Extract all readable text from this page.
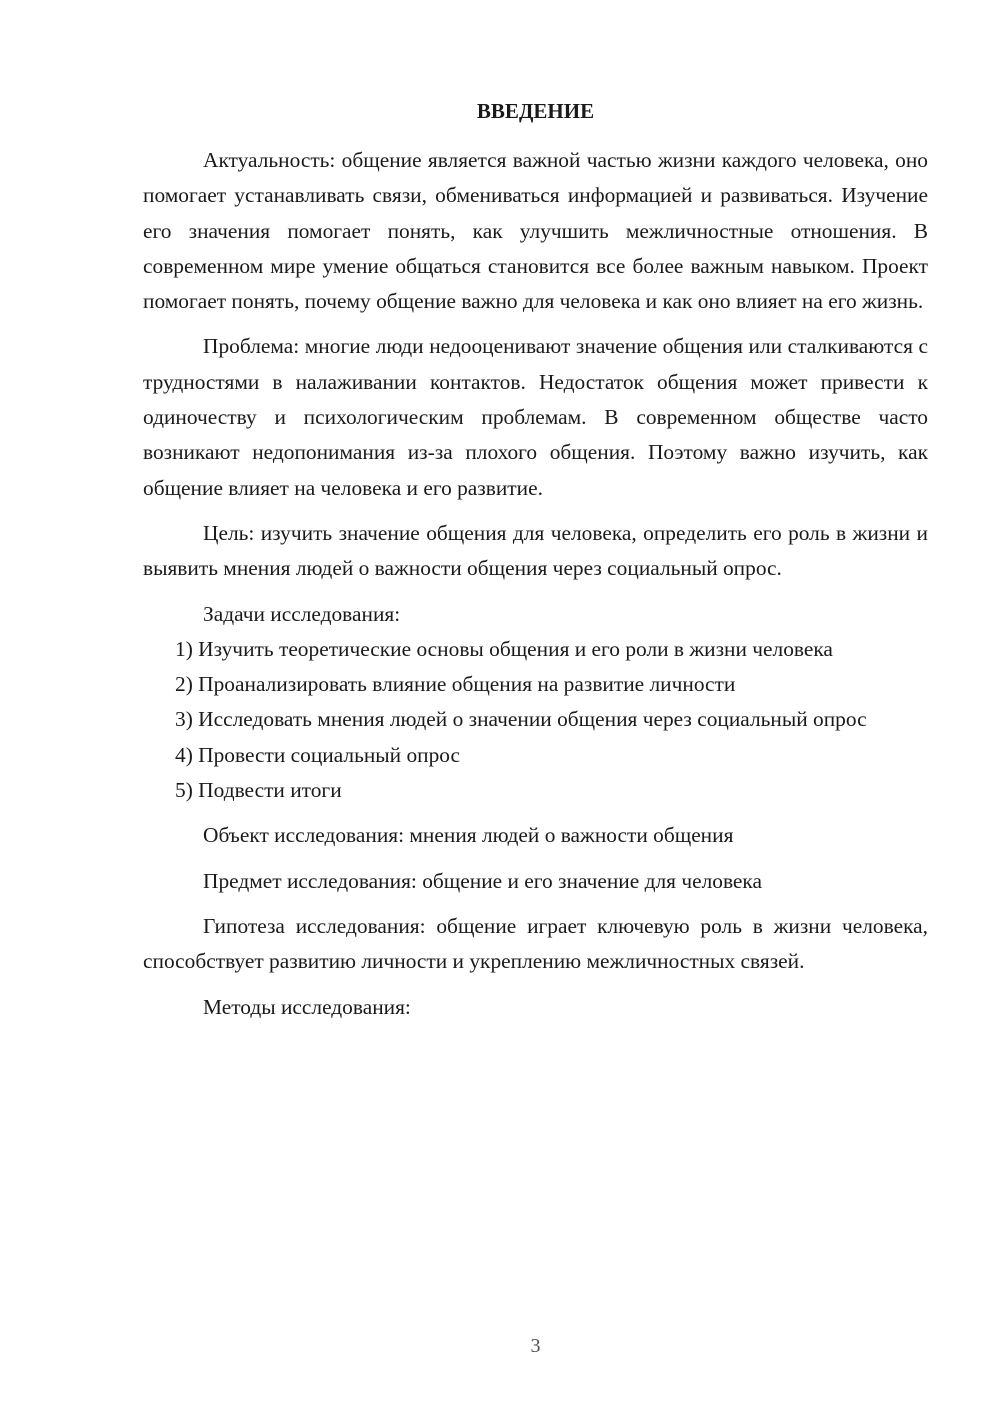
ВВЕДЕНИЕ

Актуальность: общение является важной частью жизни каждого человека, оно помогает устанавливать связи, обмениваться информацией и развиваться. Изучение его значения помогает понять, как улучшить межличностные отношения. В современном мире умение общаться становится все более важным навыком. Проект помогает понять, почему общение важно для человека и как оно влияет на его жизнь.

Проблема: многие люди недооценивают значение общения или сталкиваются с трудностями в налаживании контактов. Недостаток общения может привести к одиночеству и психологическим проблемам. В современном обществе часто возникают недопонимания из-за плохого общения. Поэтому важно изучить, как общение влияет на человека и его развитие.

Цель: изучить значение общения для человека, определить его роль в жизни и выявить мнения людей о важности общения через социальный опрос.

Задачи исследования:

1) Изучить теоретические основы общения и его роли в жизни человека

2) Проанализировать влияние общения на развитие личности

3) Исследовать мнения людей о значении общения через социальный опрос

4) Провести социальный опрос

5) Подвести итоги

Объект исследования: мнения людей о важности общения

Предмет исследования: общение и его значение для человека

Гипотеза исследования: общение играет ключевую роль в жизни человека, способствует развитию личности и укреплению межличностных связей.

Методы исследования:

3
